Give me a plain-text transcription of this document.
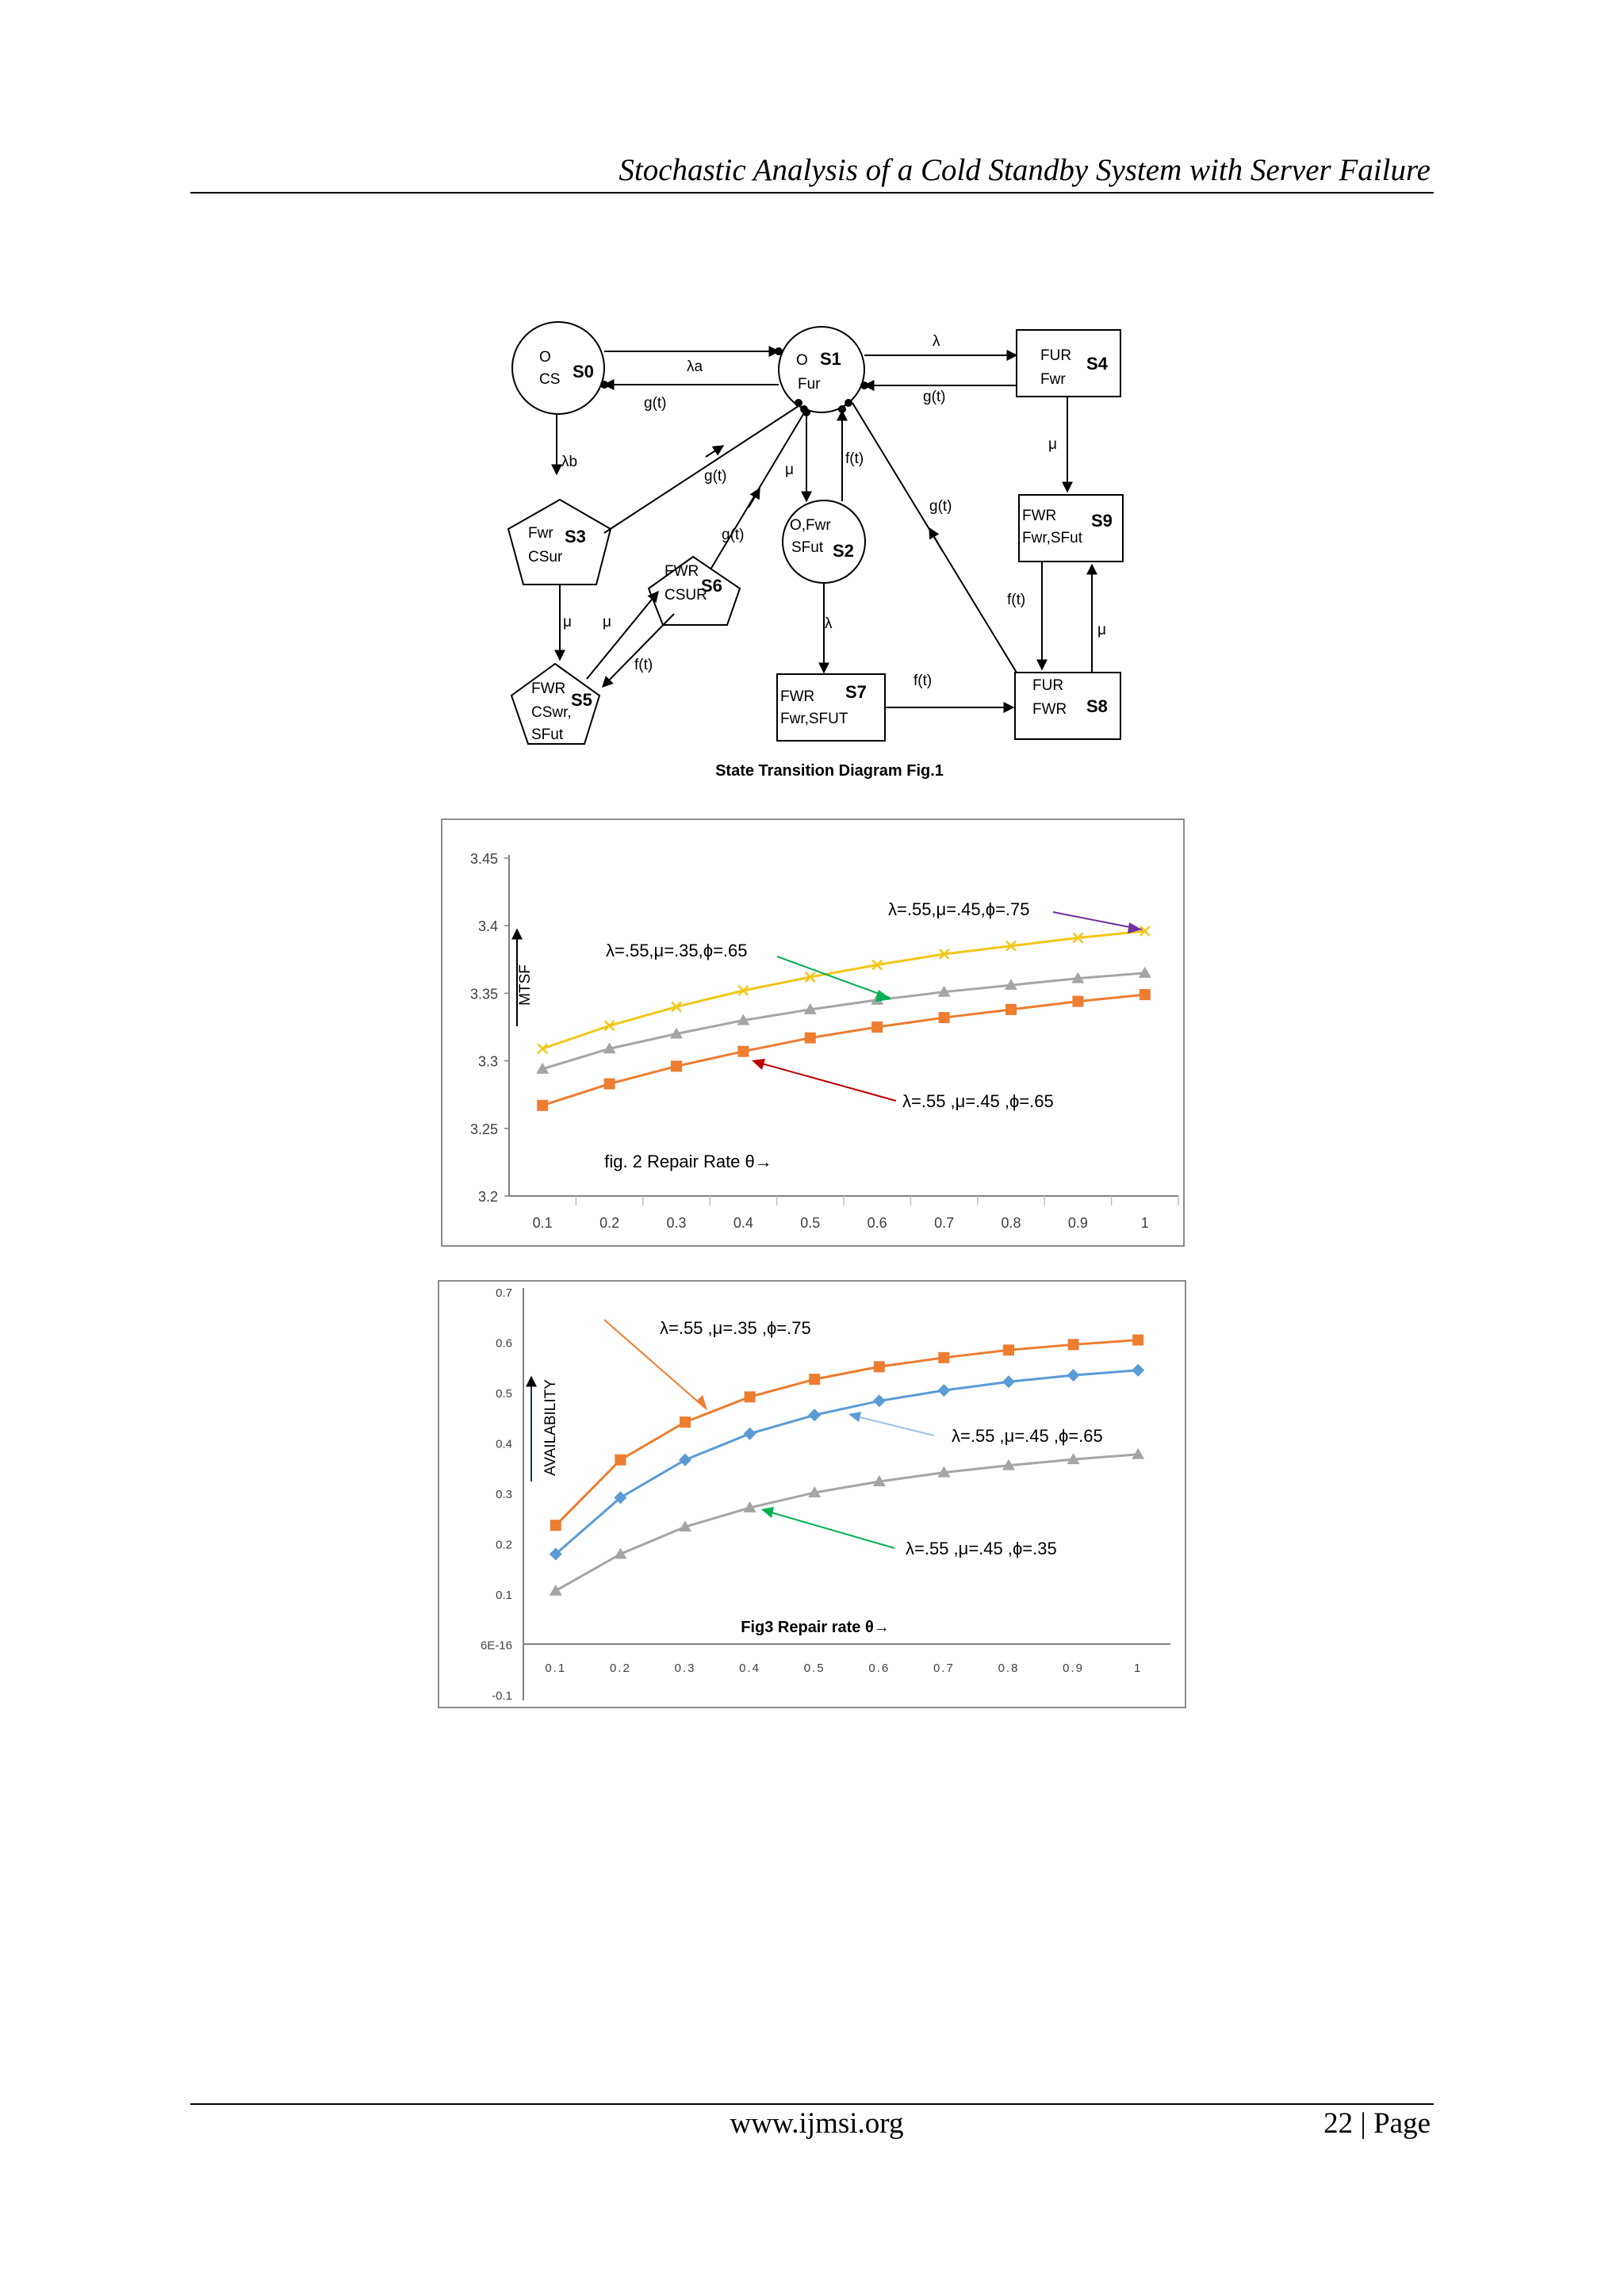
Stochastic Analysis of a Cold Standby System with Server Failure
O
CS S0
O
Fur
S1
O,Fwr
SFut S2
Fwr
CSur
S3
FUR
Fwr
S4
FWR
CSwr,
SFut
S5
FWR
CSUR
S6
FWR
Fwr,SFUT
S7	FUR
FWR S8
FWR
Fwr,SFut
S9
λa
g(t)
λ
g(t)
λb
g(t)
g(t)
μ
f(t)
g(t)
μ
f(t)
μ
λ
f(t)
μ μ
f(t)
State Transition Diagram Fig.1
3.2
3.25
3.3
3.35
3.4
3.45
0.1	0.2	0.3	0.4	0.5	0.6	0.7	0.8	0.9	1
fig. 2 Repair Rate θ→
MTSF
λ=.55,μ=.45,ϕ=.75
λ=.55,μ=.35,ϕ=.65
λ=.55 ,μ=.45 ,ϕ=.65
-0.1
6E-16
0.1
0.2
0.3
0.4
0.5
0.6
0.7
0.1	0.2	0.3	0.4	0.5	0.6	0.7	0.8	0.9	1
Fig3 Repair rate θ→
AVAILABILITY
λ=.55 ,μ=.35 ,ϕ=.75
λ=.55 ,μ=.45 ,ϕ=.65
λ=.55 ,μ=.45 ,ϕ=.35
www.ijmsi.org	22 | Page
